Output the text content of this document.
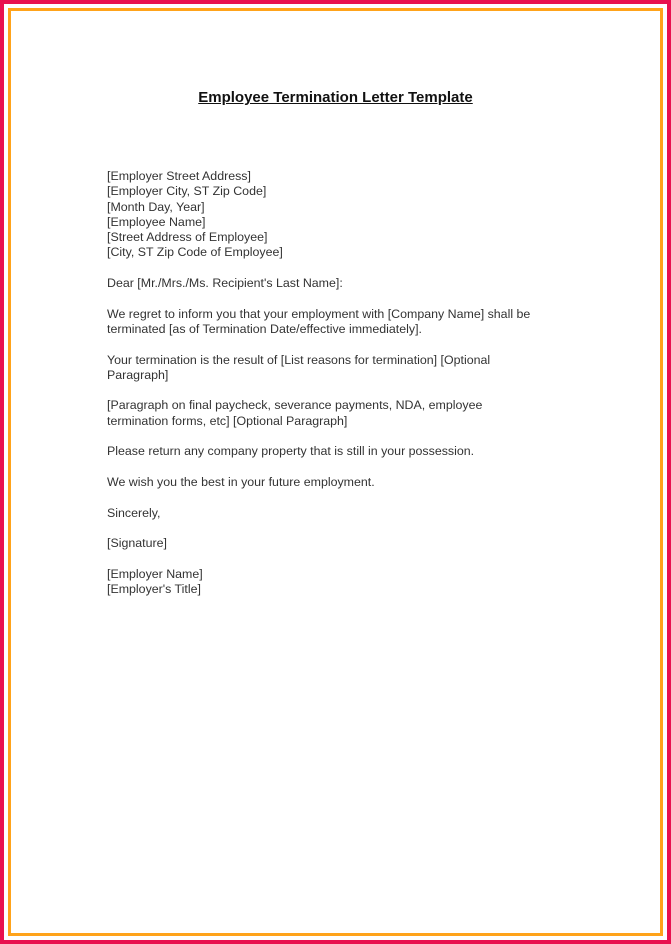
Employee Termination Letter Template
[Employer Street Address]
[Employer City, ST Zip Code]
[Month Day, Year]
[Employee Name]
[Street Address of Employee]
[City, ST Zip Code of Employee]
Dear [Mr./Mrs./Ms. Recipient's Last Name]:
We regret to inform you that your employment with [Company Name] shall be
terminated [as of Termination Date/effective immediately].
Your termination is the result of [List reasons for termination] [Optional
Paragraph]
[Paragraph on final paycheck, severance payments, NDA, employee
termination forms, etc] [Optional Paragraph]
Please return any company property that is still in your possession.
We wish you the best in your future employment.
Sincerely,
[Signature]
[Employer Name]
[Employer's Title]
